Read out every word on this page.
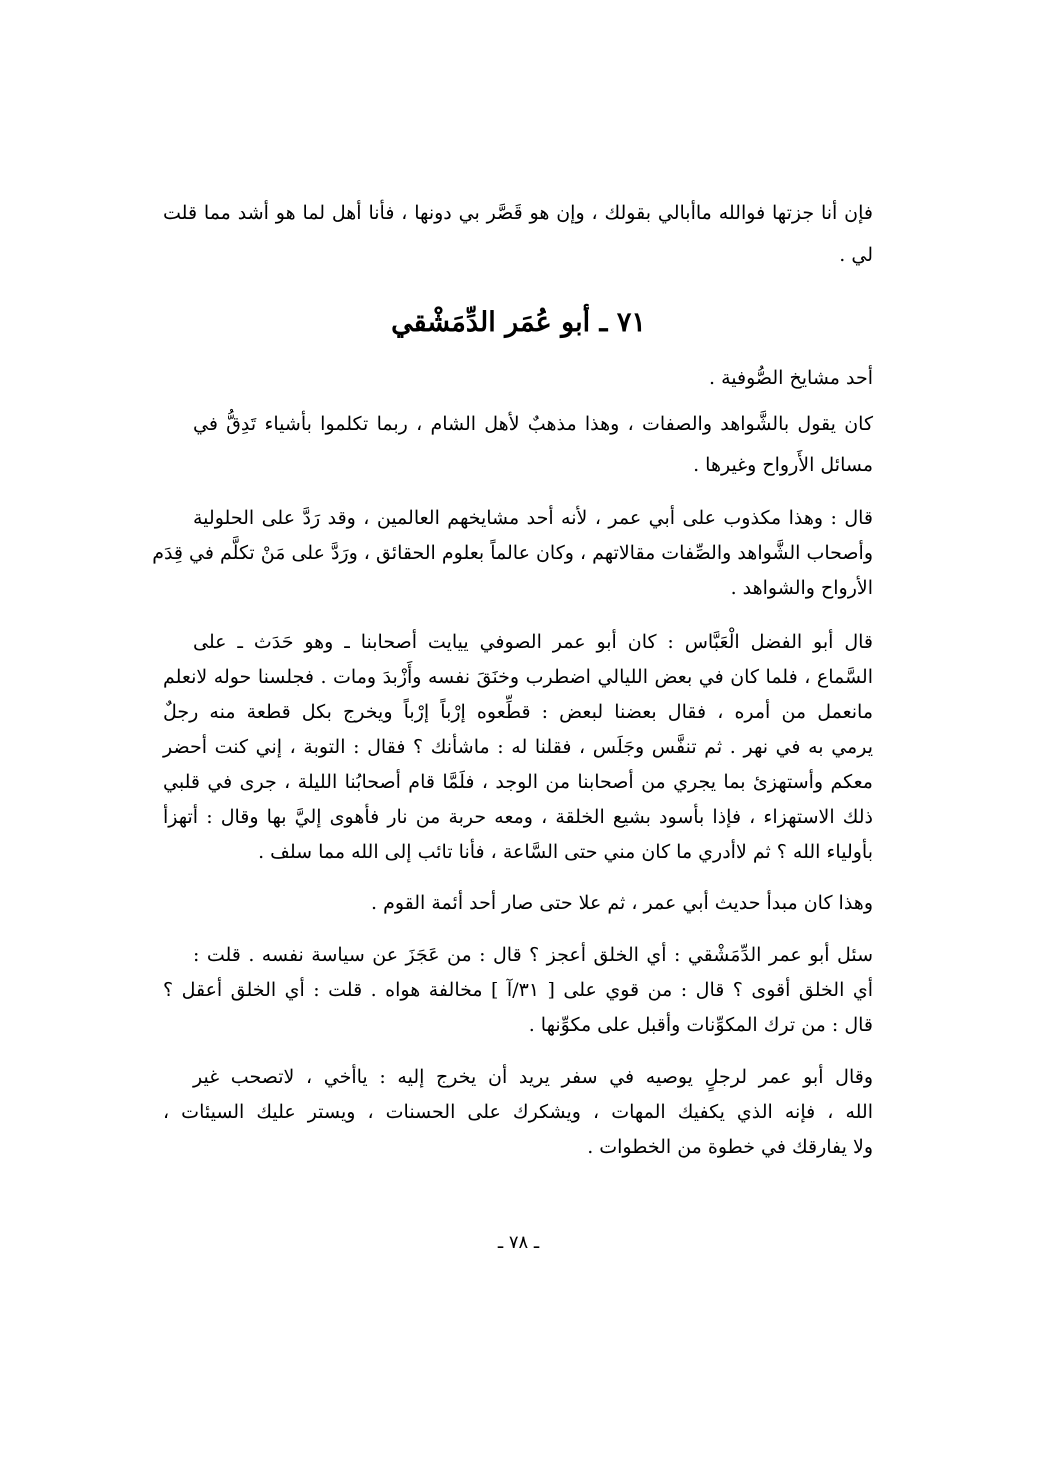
فإن أنا جزتها فوالله ماأبالي بقولك ، وإن هو قَصَّر بي دونها ، فأنا أهل لما هو أشد مما قلت
لي .
٧١ ـ أبو عُمَر الدِّمَشْقي
أحد مشايخ الصُّوفية .
كان يقول بالشَّواهد والصفات ، وهذا مذهبٌ لأهل الشام ، ربما تكلموا بأشياء تَدِقُّ في
مسائل الأَرواح وغيرها .
قال : وهذا مكذوب على أبي عمر ، لأنه أحد مشايخهم العالمين ، وقد رَدَّ على الحلولية
وأصحاب الشَّواهد والصِّفات مقالاتهم ، وكان عالماً بعلوم الحقائق ، ورَدَّ على مَنْ تكلَّم في قِدَم
الأرواح والشواهد .
قال أبو الفضل الْعَبَّاس : كان أبو عمر الصوفي ييايت أصحابنا ـ وهو حَدَث ـ على
السَّماع ، فلما كان في بعض الليالي اضطرب وخنَقَ نفسه وأَزْبدَ ومات . فجلسنا حوله لانعلم
مانعمل من أمره ، فقال بعضنا لبعض : قطِّعوه إرْباً إرْباً ويخرج بكل قطعة منه رجلٌ
يرمي به في نهر . ثم تنفَّس وجَلَس ، فقلنا له : ماشأنك ؟ فقال : التوبة ، إني كنت أحضر
معكم وأستهزئ بما يجري من أصحابنا من الوجد ، فلَمَّا قام أصحابُنا الليلة ، جرى في قلبي
ذلك الاستهزاء ، فإذا بأسود بشيع الخلقة ، ومعه حربة من نار فأهوى إليَّ بها وقال : أتهزأ
بأولياء الله ؟ ثم لاأدري ما كان مني حتى السَّاعة ، فأنا تائب إلى الله مما سلف .
وهذا كان مبدأ حديث أبي عمر ، ثم علا حتى صار أحد أئمة القوم .
سئل أبو عمر الدِّمَشْقي : أي الخلق أعجز ؟ قال : من عَجَزَ عن سياسة نفسه . قلت :
أي الخلق أقوى ؟ قال : من قوي على [ ٣١/آ ] مخالفة هواه . قلت : أي الخلق أعقل ؟
قال : من ترك المكوِّنات وأقبل على مكوِّنها .
وقال أبو عمر لرجلٍ يوصيه في سفر يريد أن يخرج إليه : ياأخي ، لاتصحب غير
الله ، فإنه الذي يكفيك المهات ، ويشكرك على الحسنات ، ويستر عليك السيئات ،
ولا يفارقك في خطوة من الخطوات .
ـ ٧٨ ـ
